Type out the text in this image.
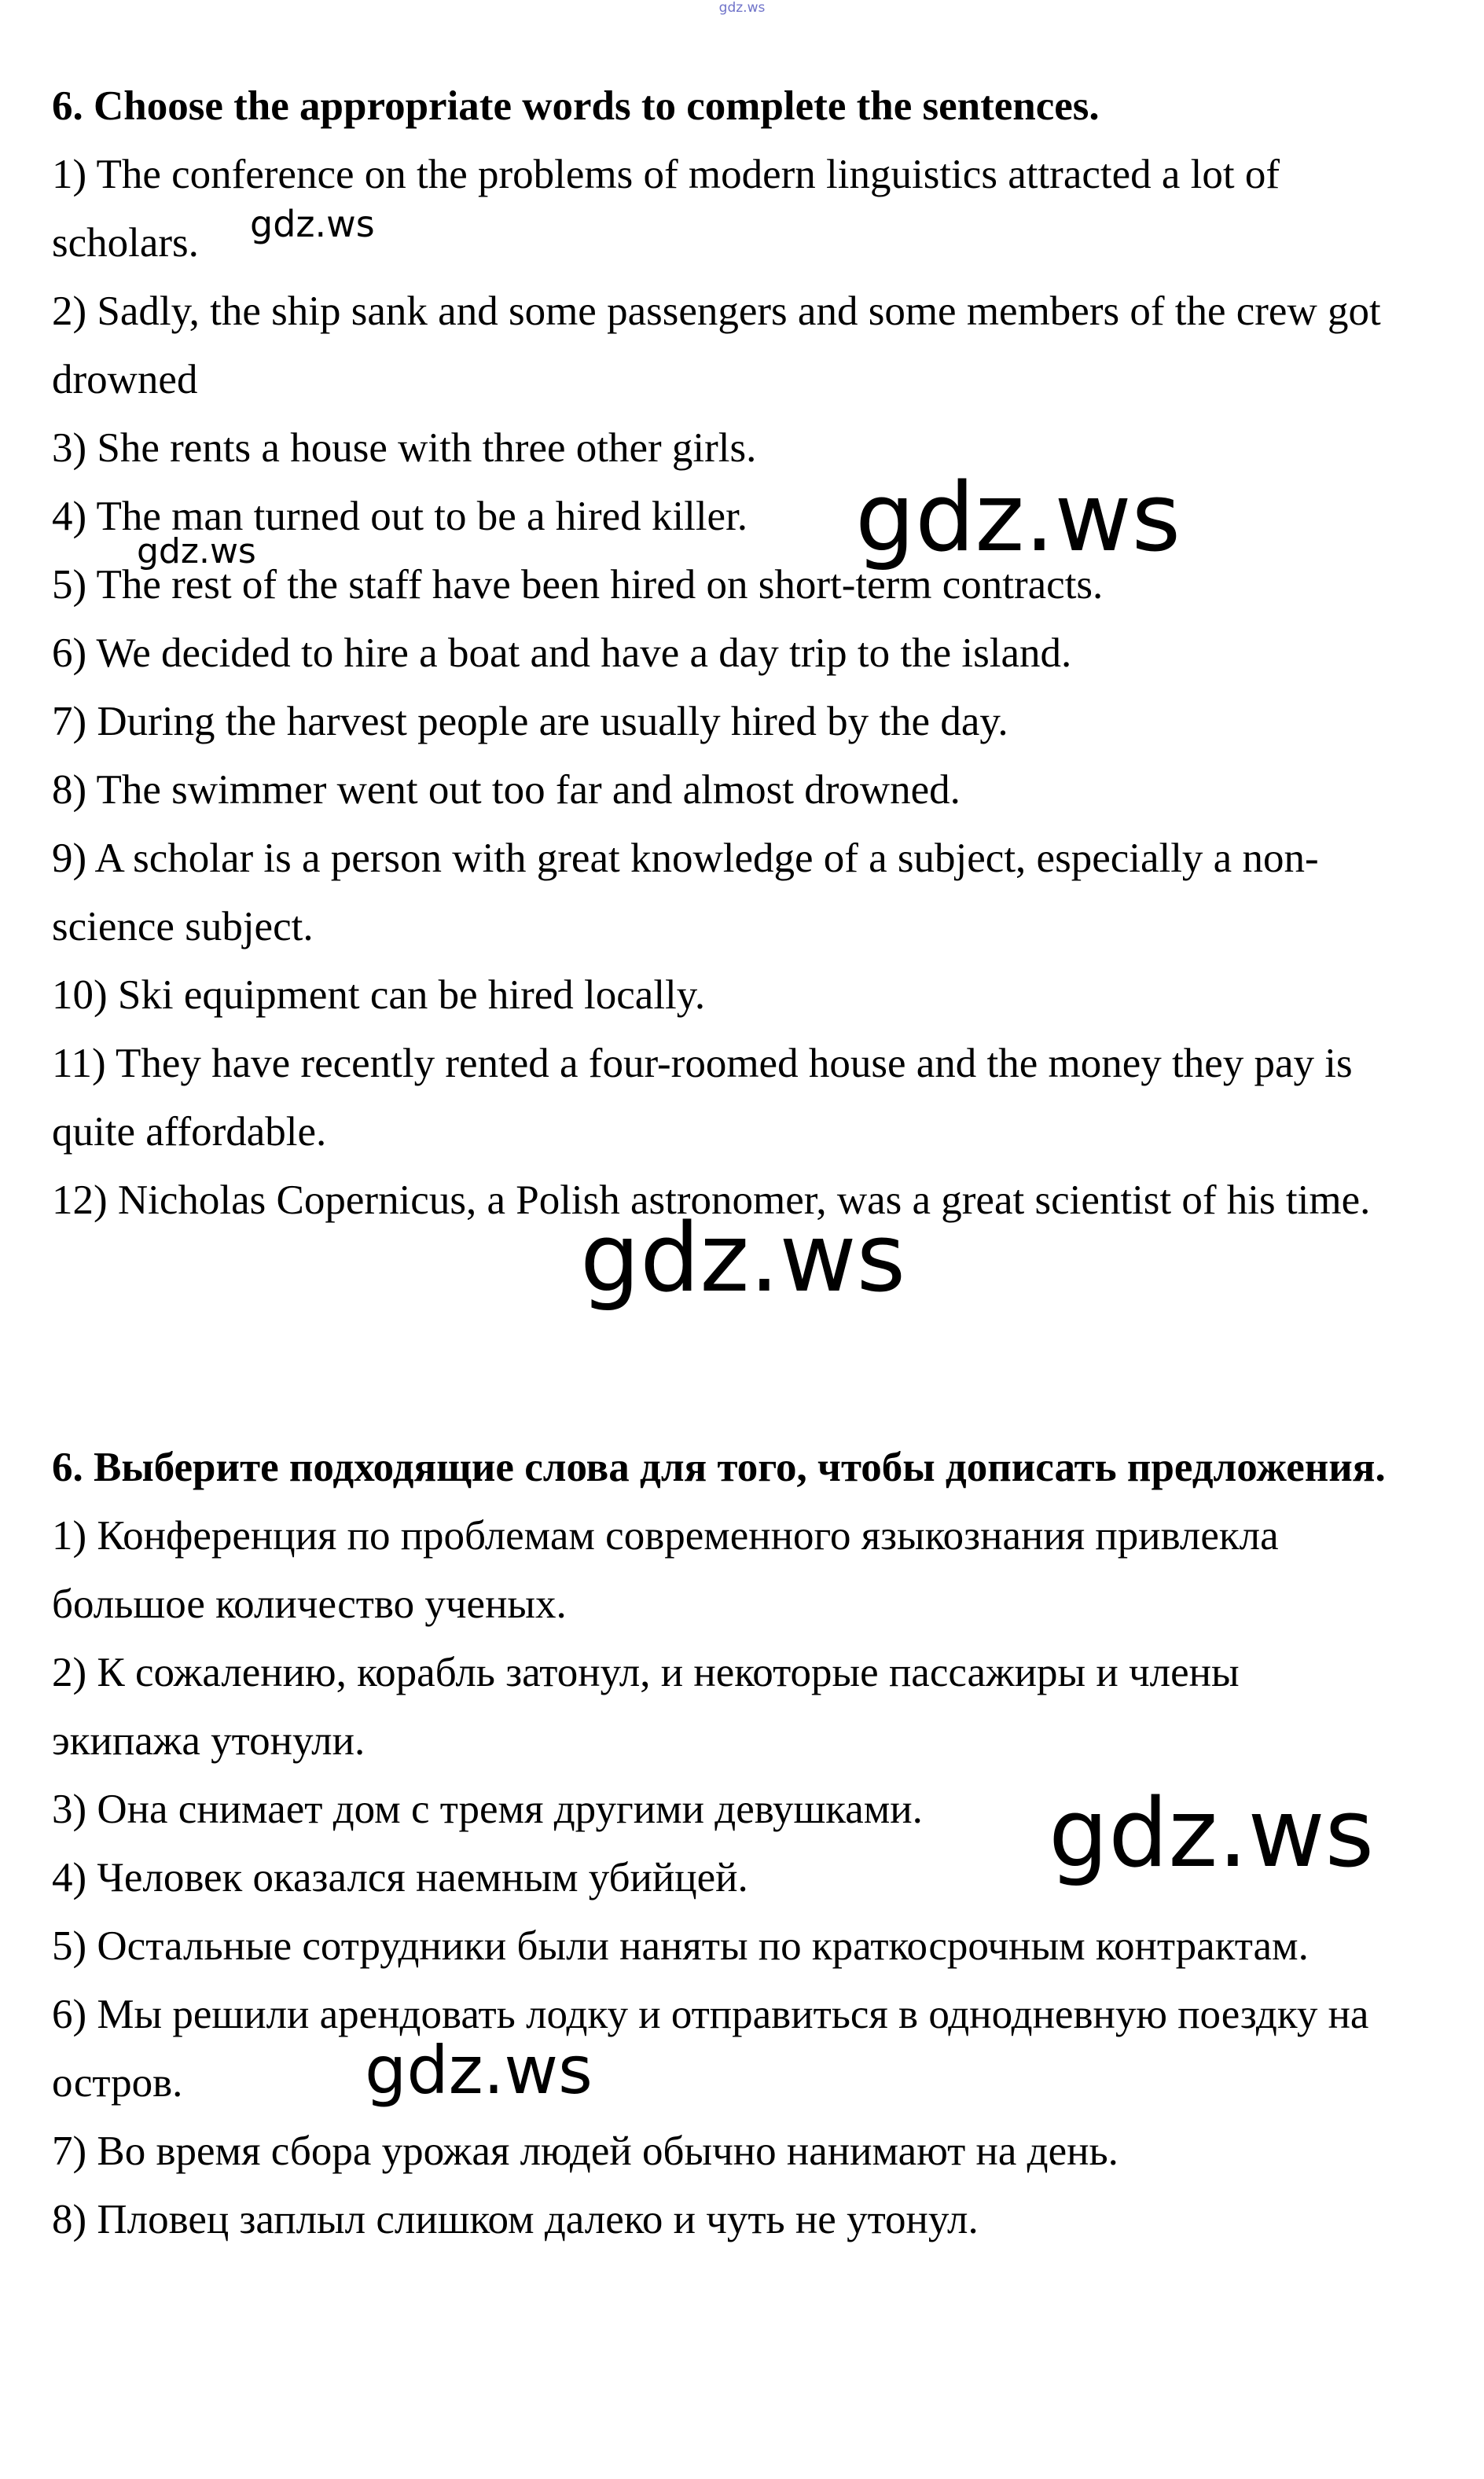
gdz.ws

6. Choose the appropriate words to complete the sentences.

1) The conference on the problems of modern linguistics attracted a lot of scholars.

2) Sadly, the ship sank and some passengers and some members of the crew got drowned

3) She rents a house with three other girls.

4) The man turned out to be a hired killer.

5) The rest of the staff have been hired on short-term contracts.

6) We decided to hire a boat and have a day trip to the island.

7) During the harvest people are usually hired by the day.

8) The swimmer went out too far and almost drowned.

9) A scholar is a person with great knowledge of a subject, especially a non-science subject.

10) Ski equipment can be hired locally.

11) They have recently rented a four-roomed house and the money they pay is quite affordable.

12) Nicholas Copernicus, a Polish astronomer, was a great scientist of his time.

6. Выберите подходящие слова для того, чтобы дописать предложения.

1) Конференция по проблемам современного языкознания привлекла большое количество ученых.

2) К сожалению, корабль затонул, и некоторые пассажиры и члены экипажа утонули.

3) Она снимает дом с тремя другими девушками.

4) Человек оказался наемным убийцей.

5) Остальные сотрудники были наняты по краткосрочным контрактам.

6) Мы решили арендовать лодку и отправиться в однодневную поездку на остров.

7) Во время сбора урожая людей обычно нанимают на день.

8) Пловец заплыл слишком далеко и чуть не утонул.

gdz.ws
gdz.ws
gdz.ws
gdz.ws
gdz.ws
gdz.ws
